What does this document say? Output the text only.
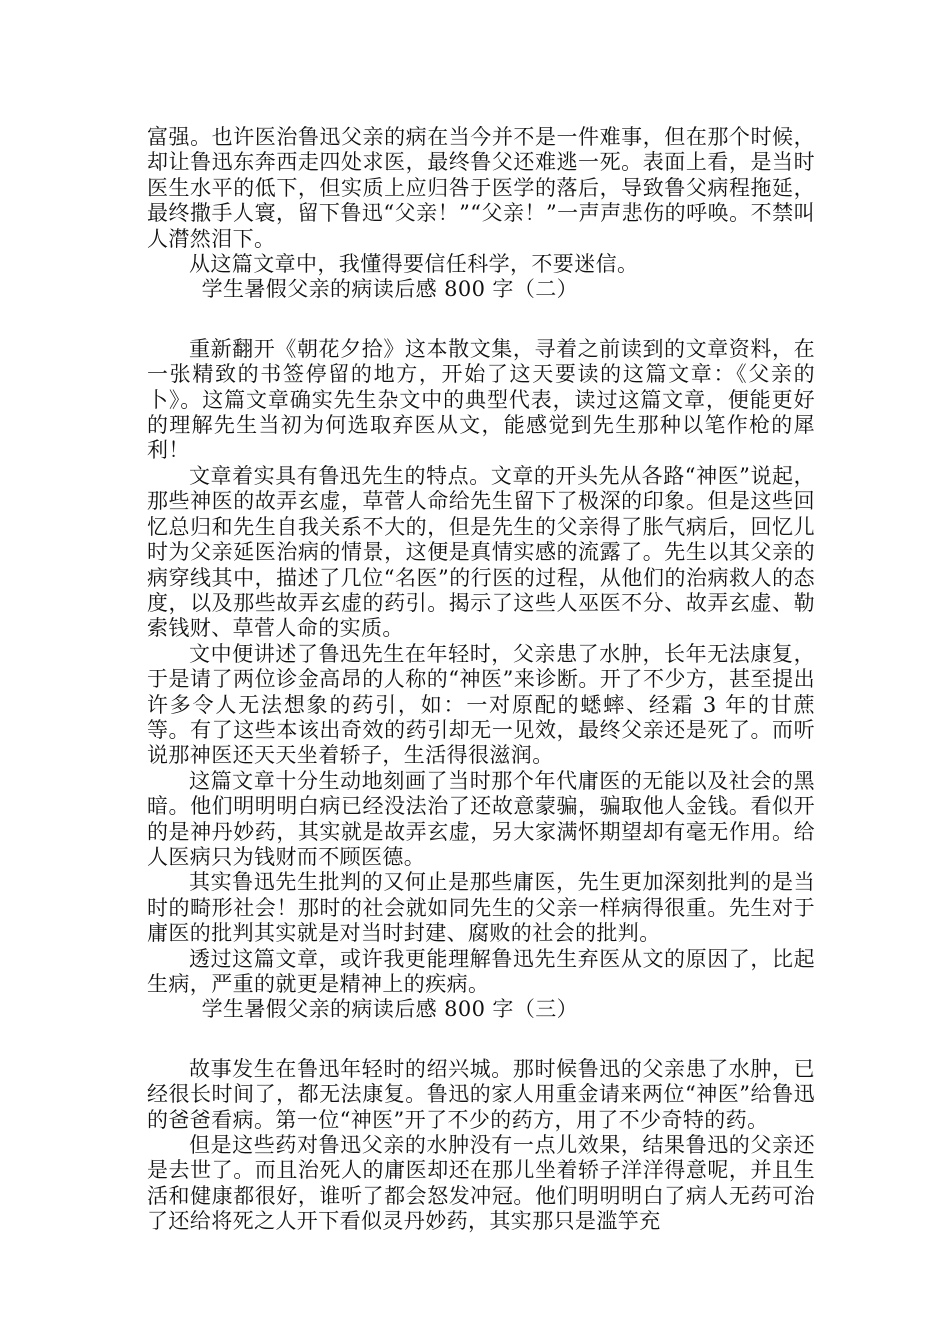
富强。也许医治鲁迅父亲的病在当今并不是一件难事，但在那个时候，却让鲁迅东奔西走四处求医，最终鲁父还难逃一死。表面上看，是当时医生水平的低下，但实质上应归咎于医学的落后，导致鲁父病程拖延，最终撒手人寰，留下鲁迅“父亲！”“父亲！”一声声悲伤的呼唤。不禁叫人潸然泪下。

从这篇文章中，我懂得要信任科学，不要迷信。

学生暑假父亲的病读后感 800 字（二）

重新翻开《朝花夕拾》这本散文集，寻着之前读到的文章资料，在一张精致的书签停留的地方，开始了这天要读的这篇文章：《父亲的卜》。这篇文章确实先生杂文中的典型代表，读过这篇文章，便能更好的理解先生当初为何选取弃医从文，能感觉到先生那种以笔作枪的犀利！

文章着实具有鲁迅先生的特点。文章的开头先从各路“神医”说起，那些神医的故弄玄虚，草菅人命给先生留下了极深的印象。但是这些回忆总归和先生自我关系不大的，但是先生的父亲得了胀气病后，回忆儿时为父亲延医治病的情景，这便是真情实感的流露了。先生以其父亲的病穿线其中，描述了几位“名医”的行医的过程，从他们的治病救人的态度，以及那些故弄玄虚的药引。揭示了这些人巫医不分、故弄玄虚、勒索钱财、草菅人命的实质。

文中便讲述了鲁迅先生在年轻时，父亲患了水肿，长年无法康复，于是请了两位诊金高昂的人称的“神医”来诊断。开了不少方，甚至提出许多令人无法想象的药引，如：一对原配的蟋蟀、经霜 3 年的甘蔗等。有了这些本该出奇效的药引却无一见效，最终父亲还是死了。而听说那神医还天天坐着轿子，生活得很滋润。

这篇文章十分生动地刻画了当时那个年代庸医的无能以及社会的黑暗。他们明明明白病已经没法治了还故意蒙骗，骗取他人金钱。看似开的是神丹妙药，其实就是故弄玄虚，另大家满怀期望却有毫无作用。给人医病只为钱财而不顾医德。

其实鲁迅先生批判的又何止是那些庸医，先生更加深刻批判的是当时的畸形社会！那时的社会就如同先生的父亲一样病得很重。先生对于庸医的批判其实就是对当时封建、腐败的社会的批判。

透过这篇文章，或许我更能理解鲁迅先生弃医从文的原因了，比起生病，严重的就更是精神上的疾病。

学生暑假父亲的病读后感 800 字（三）

故事发生在鲁迅年轻时的绍兴城。那时候鲁迅的父亲患了水肿，已经很长时间了，都无法康复。鲁迅的家人用重金请来两位“神医”给鲁迅的爸爸看病。第一位“神医”开了不少的药方，用了不少奇特的药。

但是这些药对鲁迅父亲的水肿没有一点儿效果，结果鲁迅的父亲还是去世了。而且治死人的庸医却还在那儿坐着轿子洋洋得意呢，并且生活和健康都很好，谁听了都会怒发冲冠。他们明明明白了病人无药可治了还给将死之人开下看似灵丹妙药，其实那只是滥竽充
